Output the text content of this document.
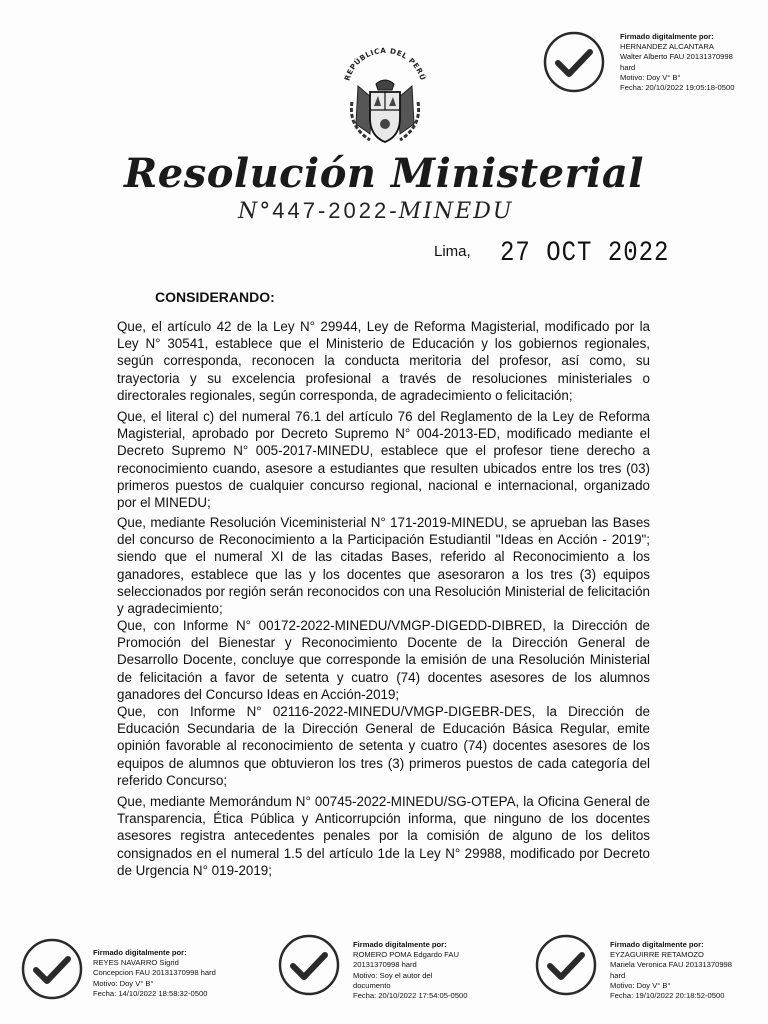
REPÚBLICA DEL PERÚ
Resolución Ministerial
N°447-2022-MINEDU
Lima, 27 OCT 2022
CONSIDERANDO:

Que, el artículo 42 de la Ley N° 29944, Ley de Reforma Magisterial, modificado por la Ley N° 30541, establece que el Ministerio de Educación y los gobiernos regionales, según corresponda, reconocen la conducta meritoria del profesor, así como, su trayectoria y su excelencia profesional a través de resoluciones ministeriales o directorales regionales, según corresponda, de agradecimiento o felicitación;

Que, el literal c) del numeral 76.1 del artículo 76 del Reglamento de la Ley de Reforma Magisterial, aprobado por Decreto Supremo N° 004-2013-ED, modificado mediante el Decreto Supremo N° 005-2017-MINEDU, establece que el profesor tiene derecho a reconocimiento cuando, asesore a estudiantes que resulten ubicados entre los tres (03) primeros puestos de cualquier concurso regional, nacional e internacional, organizado por el MINEDU;

Que, mediante Resolución Viceministerial N° 171-2019-MINEDU, se aprueban las Bases del concurso de Reconocimiento a la Participación Estudiantil "Ideas en Acción - 2019"; siendo que el numeral XI de las citadas Bases, referido al Reconocimiento a los ganadores, establece que las y los docentes que asesoraron a los tres (3) equipos seleccionados por región serán reconocidos con una Resolución Ministerial de felicitación y agradecimiento;

Que, con Informe N° 00172-2022-MINEDU/VMGP-DIGEDD-DIBRED, la Dirección de Promoción del Bienestar y Reconocimiento Docente de la Dirección General de Desarrollo Docente, concluye que corresponde la emisión de una Resolución Ministerial de felicitación a favor de setenta y cuatro (74) docentes asesores de los alumnos ganadores del Concurso Ideas en Acción-2019;

Que, con Informe N° 02116-2022-MINEDU/VMGP-DIGEBR-DES, la Dirección de Educación Secundaria de la Dirección General de Educación Básica Regular, emite opinión favorable al reconocimiento de setenta y cuatro (74) docentes asesores de los equipos de alumnos que obtuvieron los tres (3) primeros puestos de cada categoría del referido Concurso;

Que, mediante Memorándum N° 00745-2022-MINEDU/SG-OTEPA, la Oficina General de Transparencia, Ética Pública y Anticorrupción informa, que ninguno de los docentes asesores registra antecedentes penales por la comisión de alguno de los delitos consignados en el numeral 1.5 del artículo 1de la Ley N° 29988, modificado por Decreto de Urgencia N° 019-2019;

Firmado digitalmente por:
HERNANDEZ ALCANTARA
Walter Alberto FAU 20131370998
hard
Motivo: Doy V° B°
Fecha: 20/10/2022 19:05:18-0500
Firmado digitalmente por:
REYES NAVARRO Sigrid
Concepcion FAU 20131370998 hard
Motivo: Doy V° B°
Fecha: 14/10/2022 18:58:32-0500
Firmado digitalmente por:
ROMERO POMA Edgardo FAU
20131370998 hard
Motivo: Soy el autor del
documento
Fecha: 20/10/2022 17:54:05-0500
Firmado digitalmente por:
EYZAGUIRRE RETAMOZO
Mariela Veronica FAU 20131370998
hard
Motivo: Doy V° B°
Fecha: 19/10/2022 20:18:52-0500
